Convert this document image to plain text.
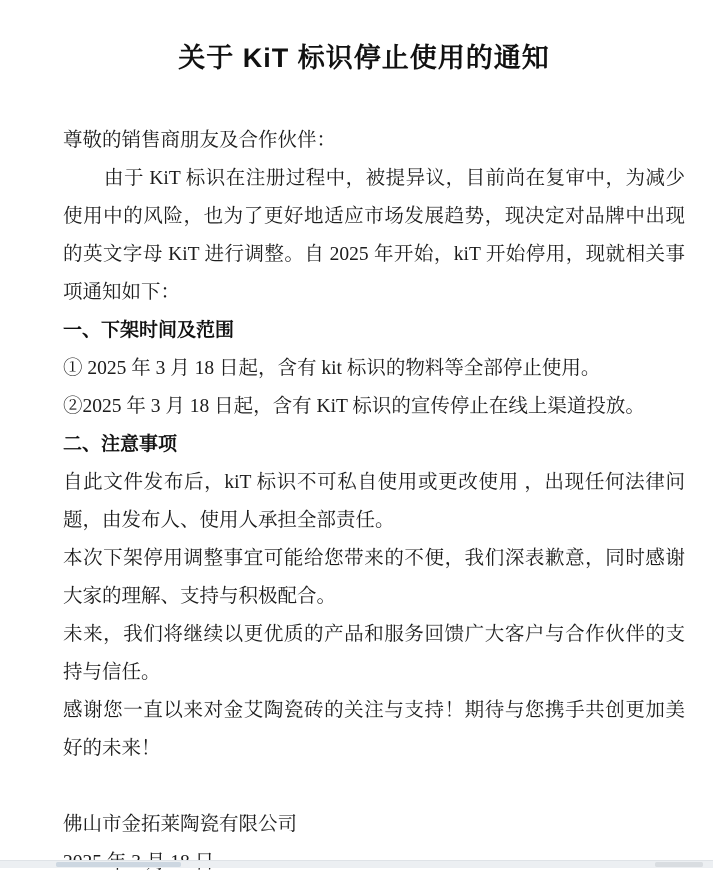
关于 KiT 标识停止使用的通知

尊敬的销售商朋友及合作伙伴：

由于 KiT 标识在注册过程中，被提异议，目前尚在复审中，为减少使用中的风险，也为了更好地适应市场发展趋势，现决定对品牌中出现的英文字母 KiT 进行调整。自 2025 年开始，kiT 开始停用，现就相关事项通知如下：

一、下架时间及范围

① 2025 年 3 月 18 日起，含有 kit 标识的物料等全部停止使用。

②2025 年 3 月 18 日起，含有 KiT 标识的宣传停止在线上渠道投放。

二、注意事项

自此文件发布后，kiT 标识不可私自使用或更改使用 ，出现任何法律问题，由发布人、使用人承担全部责任。

本次下架停用调整事宜可能给您带来的不便，我们深表歉意，同时感谢大家的理解、支持与积极配合。

未来，我们将继续以更优质的产品和服务回馈广大客户与合作伙伴的支持与信任。

感谢您一直以来对金艾陶瓷砖的关注与支持！期待与您携手共创更加美好的未来！

佛山市金拓莱陶瓷有限公司
